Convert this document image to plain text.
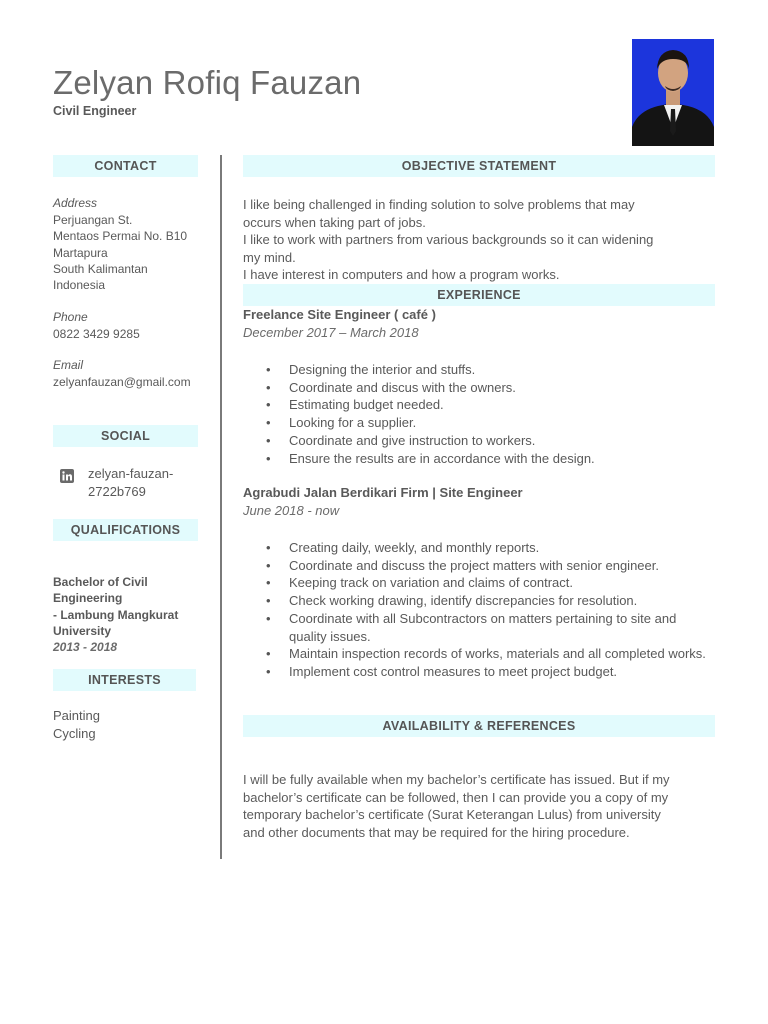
Zelyan Rofiq Fauzan
Civil Engineer
CONTACT
Address
Perjuangan St.
Mentaos Permai No. B10
Martapura
South Kalimantan
Indonesia
Phone
0822 3429 9285
Email
zelyanfauzan@gmail.com
SOCIAL
zelyan-fauzan-
2722b769
QUALIFICATIONS
Bachelor of Civil
Engineering
- Lambung Mangkurat
University
2013 - 2018
INTERESTS
Painting
Cycling
OBJECTIVE STATEMENT
I like being challenged in finding solution to solve problems that may
occurs when taking part of jobs.
I like to work with partners from various backgrounds so it can widening
my mind.
I have interest in computers and how a program works.
EXPERIENCE
Freelance Site Engineer ( café )
December 2017 – March 2018
• Designing the interior and stuffs.
• Coordinate and discus with the owners.
• Estimating budget needed.
• Looking for a supplier.
• Coordinate and give instruction to workers.
• Ensure the results are in accordance with the design.
Agrabudi Jalan Berdikari Firm | Site Engineer
June 2018 - now
• Creating daily, weekly, and monthly reports.
• Coordinate and discuss the project matters with senior engineer.
• Keeping track on variation and claims of contract.
• Check working drawing, identify discrepancies for resolution.
• Coordinate with all Subcontractors on matters pertaining to site and quality issues.
• Maintain inspection records of works, materials and all completed works.
• Implement cost control measures to meet project budget.
AVAILABILITY & REFERENCES
I will be fully available when my bachelor’s certificate has issued. But if my
bachelor’s certificate can be followed, then I can provide you a copy of my
temporary bachelor’s certificate (Surat Keterangan Lulus) from university
and other documents that may be required for the hiring procedure.
